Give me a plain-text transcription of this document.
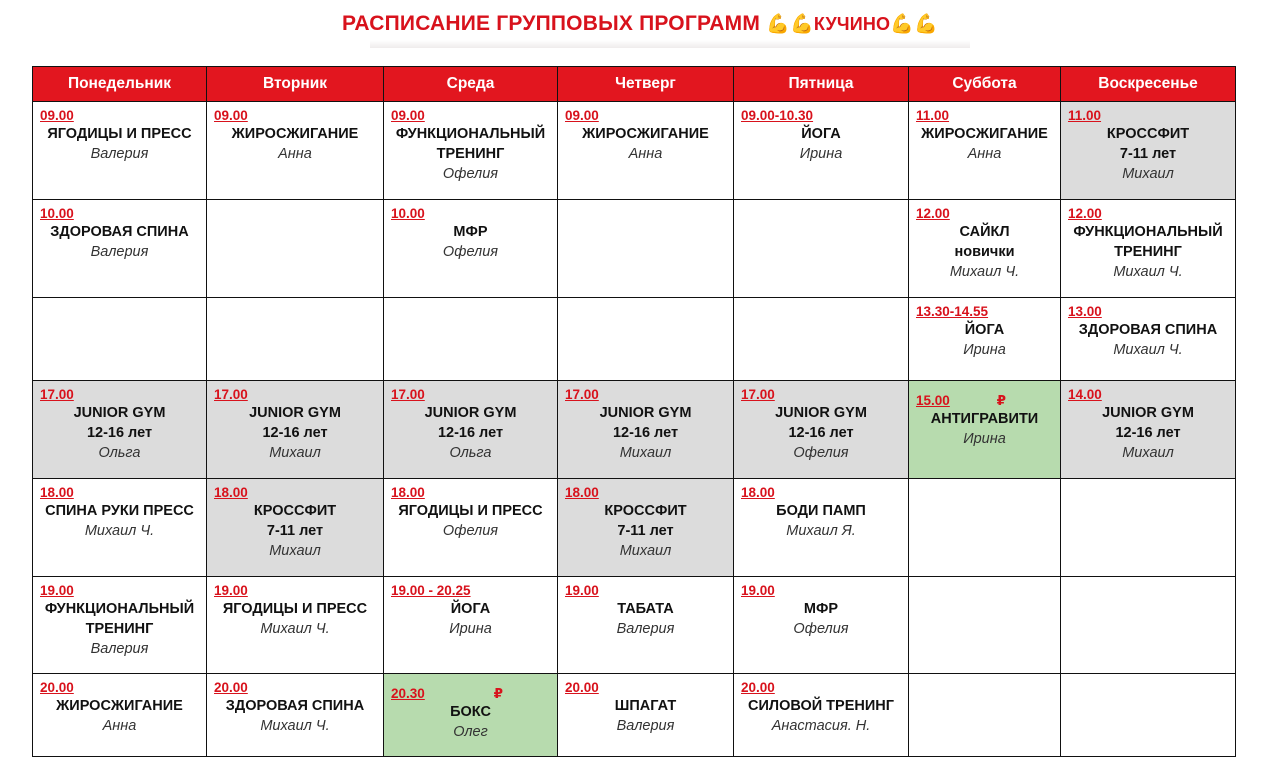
РАСПИСАНИЕ ГРУППОВЫХ ПРОГРАММ 💪💪КУЧИНО💪💪
Понедельник	Вторник	Среда	Четверг	Пятница	Суббота	Воскресенье

09.00
ЯГОДИЦЫ И ПРЕСС
Валерия	09.00
ЖИРОСЖИГАНИЕ
Анна	09.00
ФУНКЦИОНАЛЬНЫЙ ТРЕНИНГ
Офелия	09.00
ЖИРОСЖИГАНИЕ
Анна	09.00-10.30
ЙОГА
Ирина	11.00
ЖИРОСЖИГАНИЕ
Анна	11.00
КРОССФИТ
7-11 лет
Михаил

10.00
ЗДОРОВАЯ СПИНА
Валерия		10.00
МФР
Офелия			12.00
САЙКЛ
новички
Михаил Ч.	12.00
ФУНКЦИОНАЛЬНЫЙ ТРЕНИНГ
Михаил Ч.

					13.30-14.55
ЙОГА
Ирина	13.00
ЗДОРОВАЯ СПИНА
Михаил Ч.

17.00
JUNIOR GYM
12-16 лет
Ольга	17.00
JUNIOR GYM
12-16 лет
Михаил	17.00
JUNIOR GYM
12-16 лет
Ольга	17.00
JUNIOR GYM
12-16 лет
Михаил	17.00
JUNIOR GYM
12-16 лет
Офелия	15.00 ₽
АНТИГРАВИТИ
Ирина	14.00
JUNIOR GYM
12-16 лет
Михаил

18.00
СПИНА РУКИ ПРЕСС
Михаил Ч.	18.00
КРОССФИТ
7-11 лет
Михаил	18.00
ЯГОДИЦЫ И ПРЕСС
Офелия	18.00
КРОССФИТ
7-11 лет
Михаил	18.00
БОДИ ПАМП
Михаил Я.		

19.00
ФУНКЦИОНАЛЬНЫЙ ТРЕНИНГ
Валерия	19.00
ЯГОДИЦЫ И ПРЕСС
Михаил Ч.	19.00 - 20.25
ЙОГА
Ирина	19.00
ТАБАТА
Валерия	19.00
МФР
Офелия		

20.00
ЖИРОСЖИГАНИЕ
Анна	20.00
ЗДОРОВАЯ СПИНА
Михаил Ч.	20.30 ₽
БОКС
Олег	20.00
ШПАГАТ
Валерия	20.00
СИЛОВОЙ ТРЕНИНГ
Анастасия. Н.		
